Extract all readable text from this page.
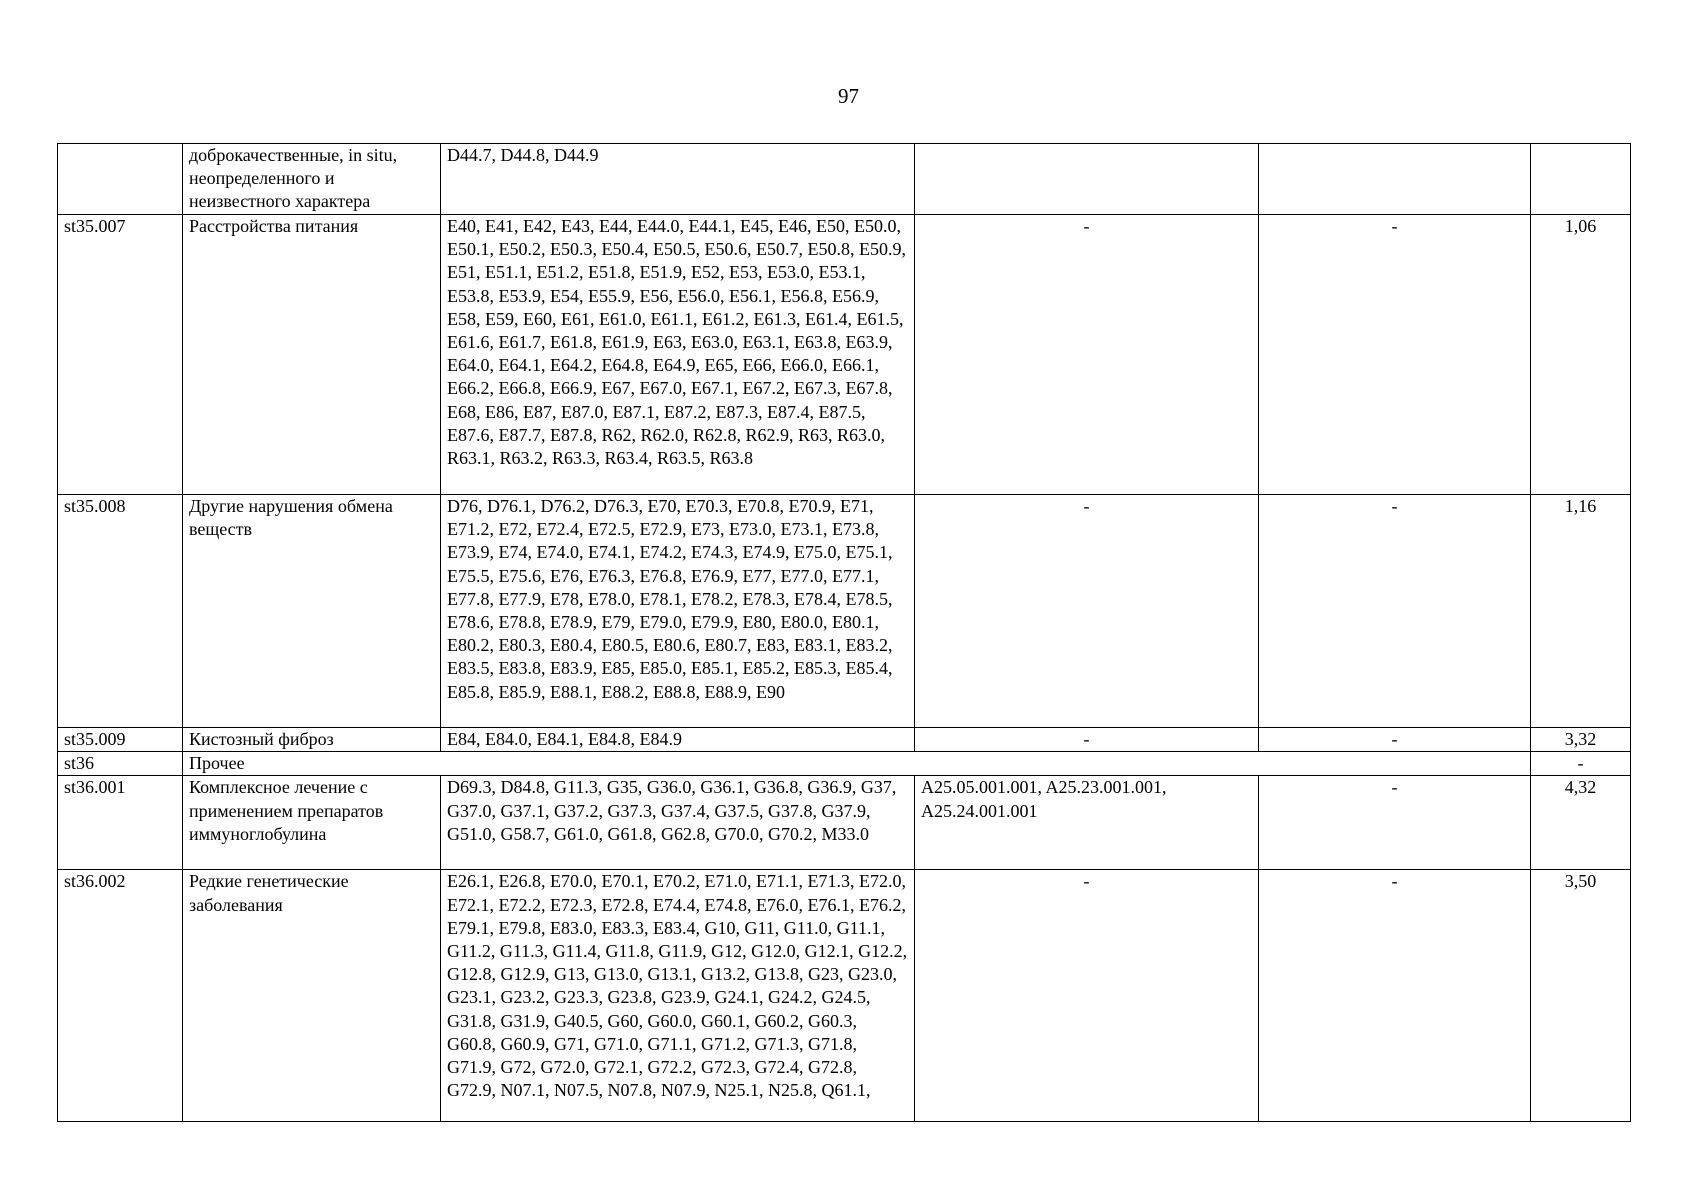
97
	доброкачественные, in situ, неопределенного и неизвестного характера	D44.7, D44.8, D44.9			
st35.007	Расстройства питания	E40, E41, E42, E43, E44, E44.0, E44.1, E45, E46, E50, E50.0, E50.1, E50.2, E50.3, E50.4, E50.5, E50.6, E50.7, E50.8, E50.9, E51, E51.1, E51.2, E51.8, E51.9, E52, E53, E53.0, E53.1, E53.8, E53.9, E54, E55.9, E56, E56.0, E56.1, E56.8, E56.9, E58, E59, E60, E61, E61.0, E61.1, E61.2, E61.3, E61.4, E61.5, E61.6, E61.7, E61.8, E61.9, E63, E63.0, E63.1, E63.8, E63.9, E64.0, E64.1, E64.2, E64.8, E64.9, E65, E66, E66.0, E66.1, E66.2, E66.8, E66.9, E67, E67.0, E67.1, E67.2, E67.3, E67.8, E68, E86, E87, E87.0, E87.1, E87.2, E87.3, E87.4, E87.5, E87.6, E87.7, E87.8, R62, R62.0, R62.8, R62.9, R63, R63.0, R63.1, R63.2, R63.3, R63.4, R63.5, R63.8	-	-	1,06
st35.008	Другие нарушения обмена веществ	D76, D76.1, D76.2, D76.3, E70, E70.3, E70.8, E70.9, E71, E71.2, E72, E72.4, E72.5, E72.9, E73, E73.0, E73.1, E73.8, E73.9, E74, E74.0, E74.1, E74.2, E74.3, E74.9, E75.0, E75.1, E75.5, E75.6, E76, E76.3, E76.8, E76.9, E77, E77.0, E77.1, E77.8, E77.9, E78, E78.0, E78.1, E78.2, E78.3, E78.4, E78.5, E78.6, E78.8, E78.9, E79, E79.0, E79.9, E80, E80.0, E80.1, E80.2, E80.3, E80.4, E80.5, E80.6, E80.7, E83, E83.1, E83.2, E83.5, E83.8, E83.9, E85, E85.0, E85.1, E85.2, E85.3, E85.4, E85.8, E85.9, E88.1, E88.2, E88.8, E88.9, E90	-	-	1,16
st35.009	Кистозный фиброз	E84, E84.0, E84.1, E84.8, E84.9	-	-	3,32
st36	Прочее				-
st36.001	Комплексное лечение с применением препаратов иммуноглобулина	D69.3, D84.8, G11.3, G35, G36.0, G36.1, G36.8, G36.9, G37, G37.0, G37.1, G37.2, G37.3, G37.4, G37.5, G37.8, G37.9, G51.0, G58.7, G61.0, G61.8, G62.8, G70.0, G70.2, M33.0	A25.05.001.001, A25.23.001.001, A25.24.001.001	-	4,32
st36.002	Редкие генетические заболевания	E26.1, E26.8, E70.0, E70.1, E70.2, E71.0, E71.1, E71.3, E72.0, E72.1, E72.2, E72.3, E72.8, E74.4, E74.8, E76.0, E76.1, E76.2, E79.1, E79.8, E83.0, E83.3, E83.4, G10, G11, G11.0, G11.1, G11.2, G11.3, G11.4, G11.8, G11.9, G12, G12.0, G12.1, G12.2, G12.8, G12.9, G13, G13.0, G13.1, G13.2, G13.8, G23, G23.0, G23.1, G23.2, G23.3, G23.8, G23.9, G24.1, G24.2, G24.5, G31.8, G31.9, G40.5, G60, G60.0, G60.1, G60.2, G60.3, G60.8, G60.9, G71, G71.0, G71.1, G71.2, G71.3, G71.8, G71.9, G72, G72.0, G72.1, G72.2, G72.3, G72.4, G72.8, G72.9, N07.1, N07.5, N07.8, N07.9, N25.1, N25.8, Q61.1,	-	-	3,50
